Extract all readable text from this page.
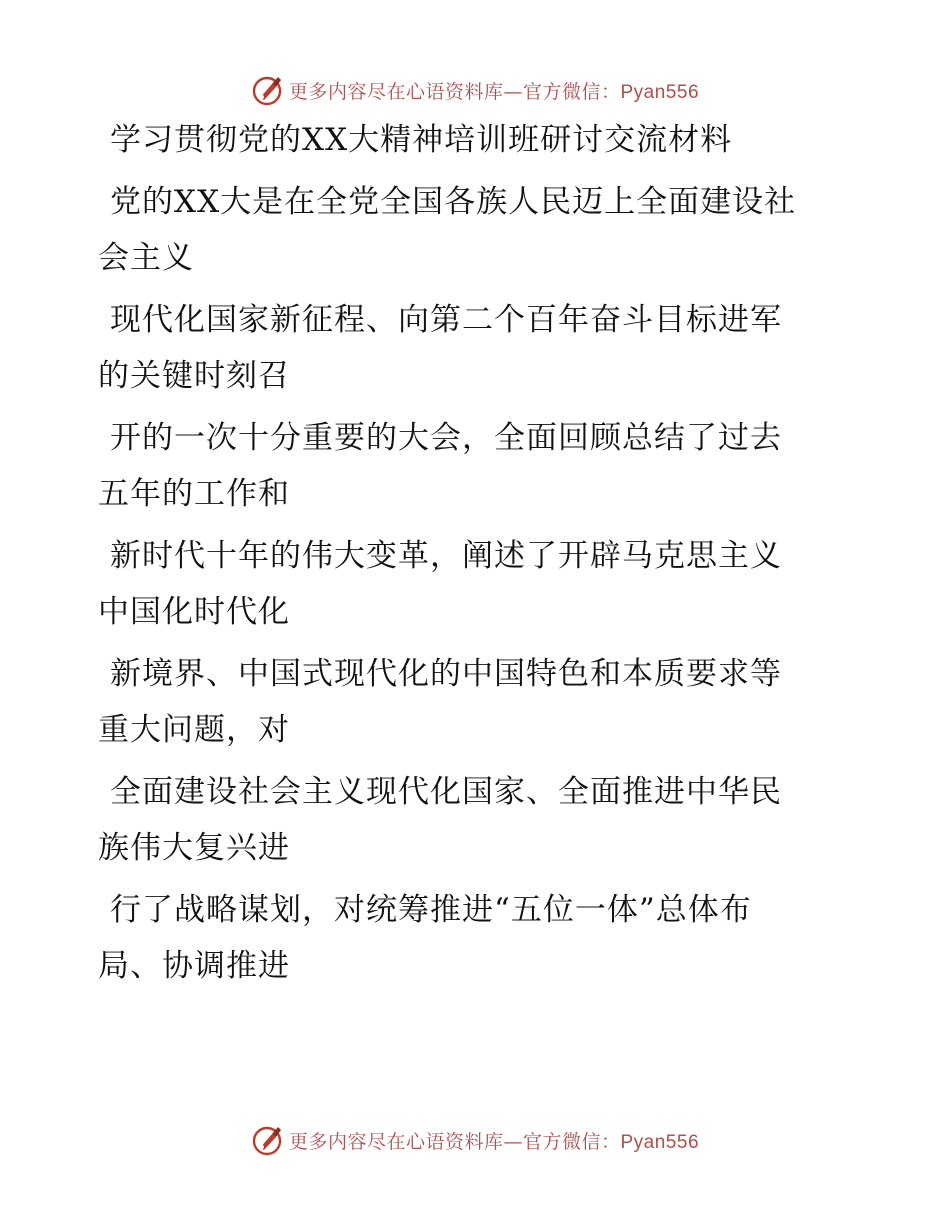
更多内容尽在心语资料库—官方微信：Pyan556
学习贯彻党的XX大精神培训班研讨交流材料
党的XX大是在全党全国各族人民迈上全面建设社
会主义
现代化国家新征程、向第二个百年奋斗目标进军
的关键时刻召
开的一次十分重要的大会，全面回顾总结了过去
五年的工作和
新时代十年的伟大变革，阐述了开辟马克思主义
中国化时代化
新境界、中国式现代化的中国特色和本质要求等
重大问题，对
全面建设社会主义现代化国家、全面推进中华民
族伟大复兴进
行了战略谋划，对统筹推进“五位一体”总体布
局、协调推进
更多内容尽在心语资料库—官方微信：Pyan556
